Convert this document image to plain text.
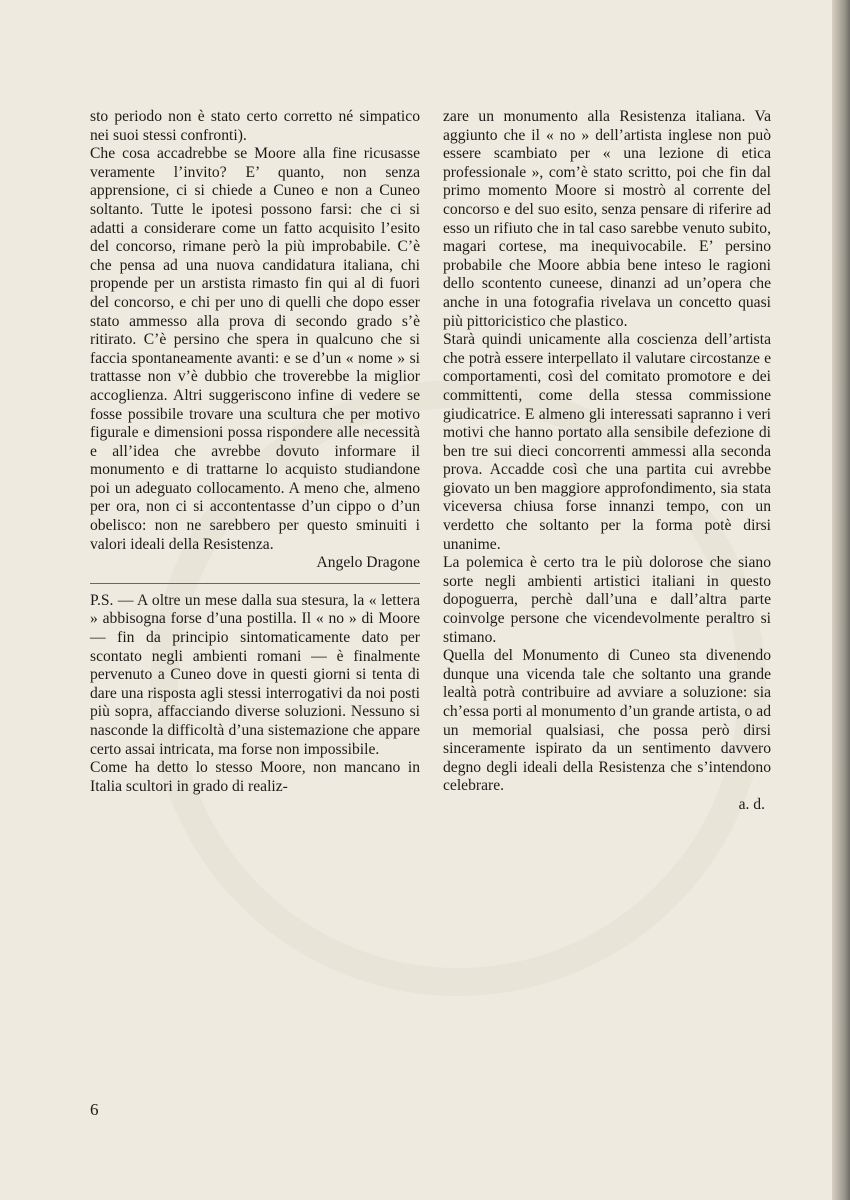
sto periodo non è stato certo corretto né simpatico nei suoi stessi confronti).

Che cosa accadrebbe se Moore alla fine ricusasse veramente l’invito? E’ quanto, non senza apprensione, ci si chiede a Cuneo e non a Cuneo soltanto. Tutte le ipotesi possono farsi: che ci si adatti a considerare come un fatto acquisito l’esito del concorso, rimane però la più improbabile. C’è che pensa ad una nuova candidatura italiana, chi propende per un arstista rimasto fin qui al di fuori del concorso, e chi per uno di quelli che dopo esser stato ammesso alla prova di secondo grado s’è ritirato. C’è persino che spera in qualcuno che si faccia spontaneamente avanti: e se d’un « nome » si trattasse non v’è dubbio che troverebbe la miglior accoglienza. Altri suggeriscono infine di vedere se fosse possibile trovare una scultura che per motivo figurale e dimensioni possa rispondere alle necessità e all’idea che avrebbe dovuto informare il monumento e di trattarne lo acquisto studiandone poi un adeguato collocamento. A meno che, almeno per ora, non ci si accontentasse d’un cippo o d’un obelisco: non ne sarebbero per questo sminuiti i valori ideali della Resistenza.

Angelo Dragone

P.S. — A oltre un mese dalla sua stesura, la « lettera » abbisogna forse d’una postilla. Il « no » di Moore — fin da principio sintomaticamente dato per scontato negli ambienti romani — è finalmente pervenuto a Cuneo dove in questi giorni si tenta di dare una risposta agli stessi interrogativi da noi posti più sopra, affacciando diverse soluzioni. Nessuno si nasconde la difficoltà d’una sistemazione che appare certo assai intricata, ma forse non impossibile.

Come ha detto lo stesso Moore, non mancano in Italia scultori in grado di realiz-

zare un monumento alla Resistenza italiana. Va aggiunto che il « no » dell’artista inglese non può essere scambiato per « una lezione di etica professionale », com’è stato scritto, poi che fin dal primo momento Moore si mostrò al corrente del concorso e del suo esito, senza pensare di riferire ad esso un rifiuto che in tal caso sarebbe venuto subito, magari cortese, ma inequivocabile. E’ persino probabile che Moore abbia bene inteso le ragioni dello scontento cuneese, dinanzi ad un’opera che anche in una fotografia rivelava un concetto quasi più pittoricistico che plastico.

Starà quindi unicamente alla coscienza dell’artista che potrà essere interpellato il valutare circostanze e comportamenti, così del comitato promotore e dei committenti, come della stessa commissione giudicatrice. E almeno gli interessati sapranno i veri motivi che hanno portato alla sensibile defezione di ben tre sui dieci concorrenti ammessi alla seconda prova. Accadde così che una partita cui avrebbe giovato un ben maggiore approfondimento, sia stata viceversa chiusa forse innanzi tempo, con un verdetto che soltanto per la forma potè dirsi unanime.

La polemica è certo tra le più dolorose che siano sorte negli ambienti artistici italiani in questo dopoguerra, perchè dall’una e dall’altra parte coinvolge persone che vicendevolmente peraltro si stimano.

Quella del Monumento di Cuneo sta divenendo dunque una vicenda tale che soltanto una grande lealtà potrà contribuire ad avviare a soluzione: sia ch’essa porti al monumento d’un grande artista, o ad un memorial qualsiasi, che possa però dirsi sinceramente ispirato da un sentimento davvero degno degli ideali della Resistenza che s’intendono celebrare.

a. d.

6
